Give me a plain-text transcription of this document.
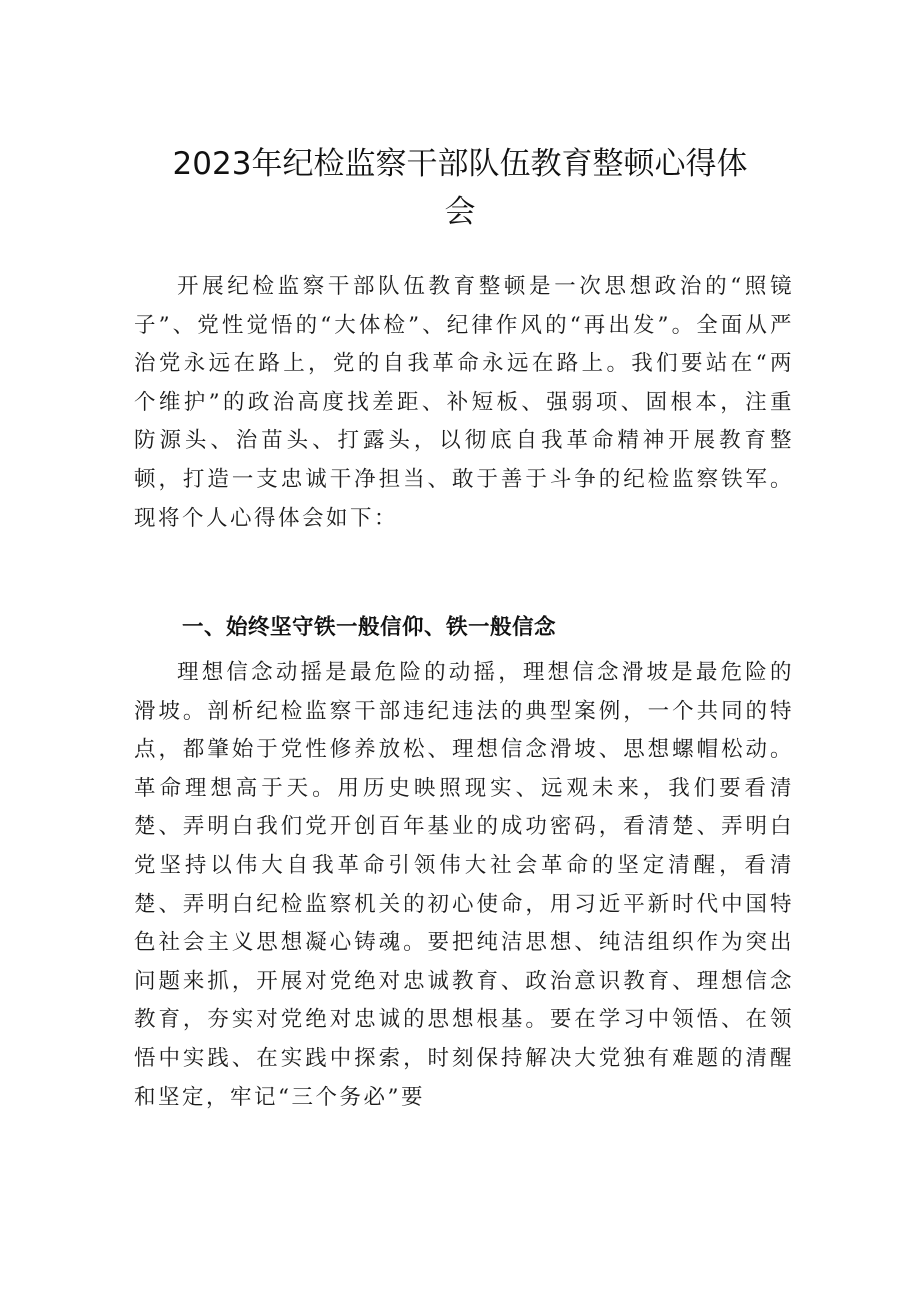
2023年纪检监察干部队伍教育整顿心得体
会

开展纪检监察干部队伍教育整顿是一次思想政治的“照镜子”、党性觉悟的“大体检”、纪律作风的“再出发”。全面从严治党永远在路上，党的自我革命永远在路上。我们要站在“两个维护”的政治高度找差距、补短板、强弱项、固根本，注重防源头、治苗头、打露头，以彻底自我革命精神开展教育整顿，打造一支忠诚干净担当、敢于善于斗争的纪检监察铁军。现将个人心得体会如下：

一、始终坚守铁一般信仰、铁一般信念

理想信念动摇是最危险的动摇，理想信念滑坡是最危险的滑坡。剖析纪检监察干部违纪违法的典型案例，一个共同的特点，都肇始于党性修养放松、理想信念滑坡、思想螺帽松动。革命理想高于天。用历史映照现实、远观未来，我们要看清楚、弄明白我们党开创百年基业的成功密码，看清楚、弄明白党坚持以伟大自我革命引领伟大社会革命的坚定清醒，看清楚、弄明白纪检监察机关的初心使命，用习近平新时代中国特色社会主义思想凝心铸魂。要把纯洁思想、纯洁组织作为突出问题来抓，开展对党绝对忠诚教育、政治意识教育、理想信念教育，夯实对党绝对忠诚的思想根基。要在学习中领悟、在领悟中实践、在实践中探索，时刻保持解决大党独有难题的清醒和坚定，牢记“三个务必”要
